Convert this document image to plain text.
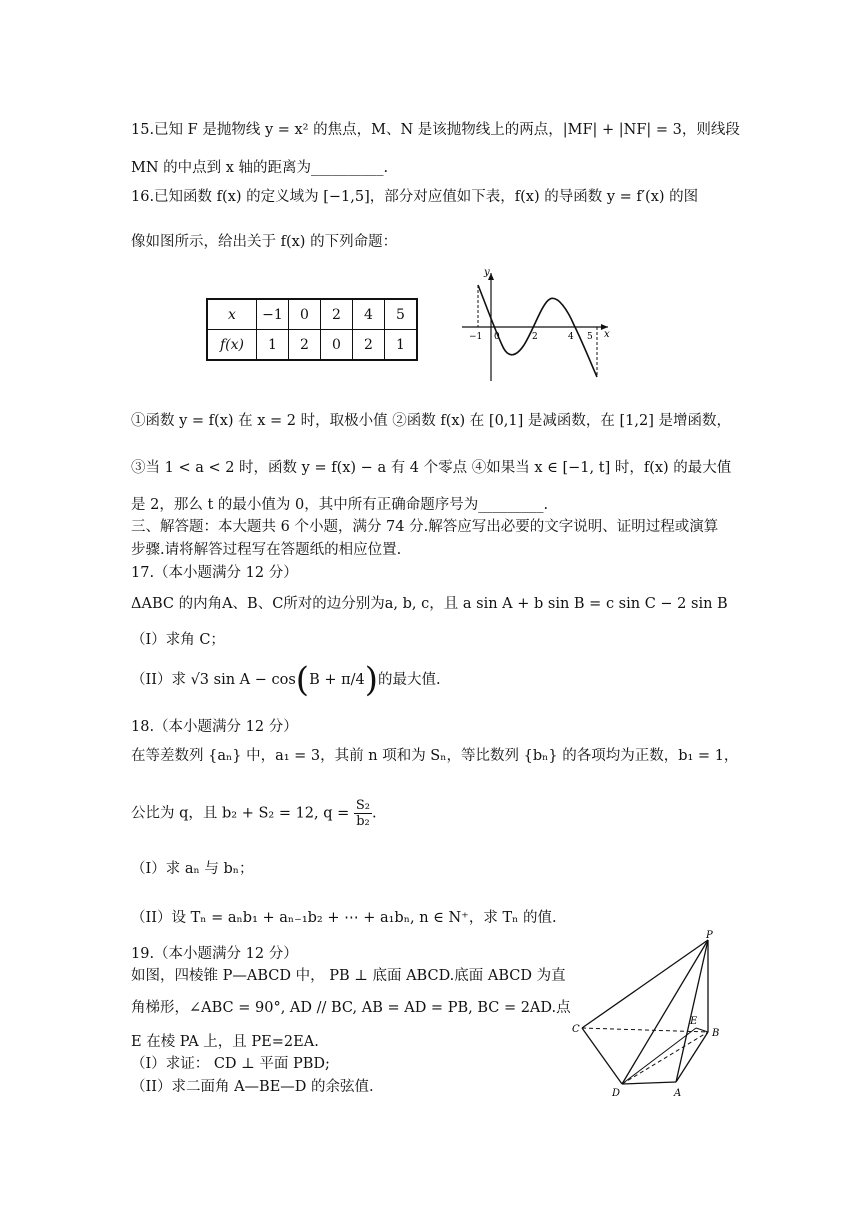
15.已知 F 是抛物线 y = x² 的焦点，M、N 是该抛物线上的两点，|MF| + |NF| = 3，则线段
MN 的中点到 x 轴的距离为__________.
16.已知函数 f(x) 的定义域为 [−1,5]，部分对应值如下表，f(x) 的导函数 y = f′(x) 的图
像如图所示，给出关于 f(x) 的下列命题：
x	−1	0	2	4	5
f(x)	1	2	0	2	1
y
x
−1 0	2	4 5
①函数 y = f(x) 在 x = 2 时，取极小值 ②函数 f(x) 在 [0,1] 是减函数，在 [1,2] 是增函数，
③当 1 < a < 2 时，函数 y = f(x) − a 有 4 个零点 ④如果当 x ∈ [−1, t] 时，f(x) 的最大值
是 2，那么 t 的最小值为 0，其中所有正确命题序号为_________.
三、解答题：本大题共 6 个小题，满分 74 分.解答应写出必要的文字说明、证明过程或演算
步骤.请将解答过程写在答题纸的相应位置.
17.（本小题满分 12 分）
ΔABC 的内角A、B、C所对的边分别为a, b, c，且 a sin A + b sin B = c sin C − 2 sin B
（I）求角 C；
（II）求 √3 sin A − cos(B + π/4)的最大值.
18.（本小题满分 12 分）
在等差数列 {aₙ} 中，a₁ = 3，其前 n 项和为 Sₙ，等比数列 {bₙ} 的各项均为正数，b₁ = 1，
公比为 q，且 b₂ + S₂ = 12, $q = \frac{\text{S₂}}{\text{b₂}}$ .
（I）求 aₙ 与 bₙ；
（II）设 Tₙ = aₙb₁ + aₙ₋₁b₂ + ⋯ + a₁bₙ, n ∈ N⁺，求 Tₙ 的值.
19.（本小题满分 12 分）
如图，四棱锥 P—ABCD 中， PB ⊥ 底面 ABCD.底面 ABCD 为直
角梯形，∠ABC = 90°, AD // BC, AB = AD = PB, BC = 2AD.点
E 在棱 PA 上，且 PE=2EA.
（I）求证： CD ⊥ 平面 PBD;
（II）求二面角 A—BE—D 的余弦值.
P
C
E
B
D	A
